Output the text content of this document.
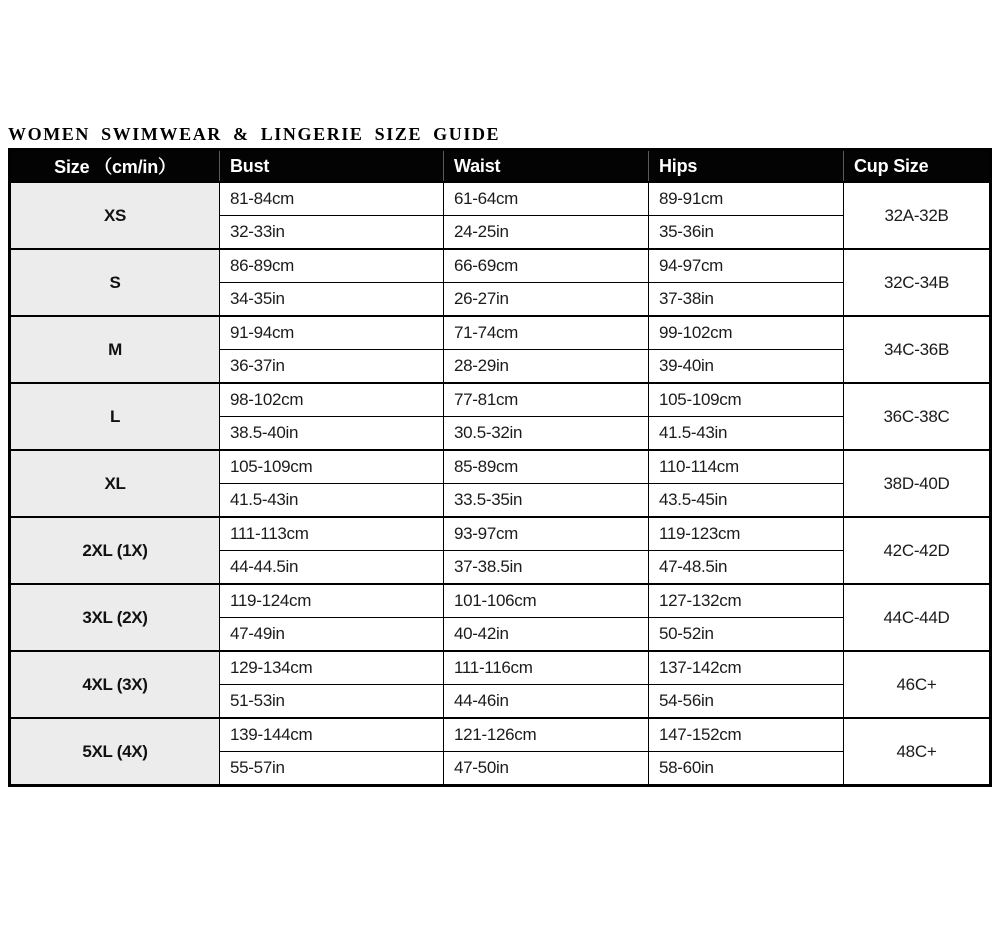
WOMEN SWIMWEAR & LINGERIE SIZE GUIDE
Size （cm/in）	Bust	Waist	Hips	Cup Size
XS	81-84cm	61-64cm	89-91cm	32A-32B
	32-33in	24-25in	35-36in	
S	86-89cm	66-69cm	94-97cm	32C-34B
	34-35in	26-27in	37-38in	
M	91-94cm	71-74cm	99-102cm	34C-36B
	36-37in	28-29in	39-40in	
L	98-102cm	77-81cm	105-109cm	36C-38C
	38.5-40in	30.5-32in	41.5-43in	
XL	105-109cm	85-89cm	110-114cm	38D-40D
	41.5-43in	33.5-35in	43.5-45in	
2XL (1X)	111-113cm	93-97cm	119-123cm	42C-42D
	44-44.5in	37-38.5in	47-48.5in	
3XL (2X)	119-124cm	101-106cm	127-132cm	44C-44D
	47-49in	40-42in	50-52in	
4XL (3X)	129-134cm	111-116cm	137-142cm	46C+
	51-53in	44-46in	54-56in	
5XL (4X)	139-144cm	121-126cm	147-152cm	48C+
	55-57in	47-50in	58-60in	
